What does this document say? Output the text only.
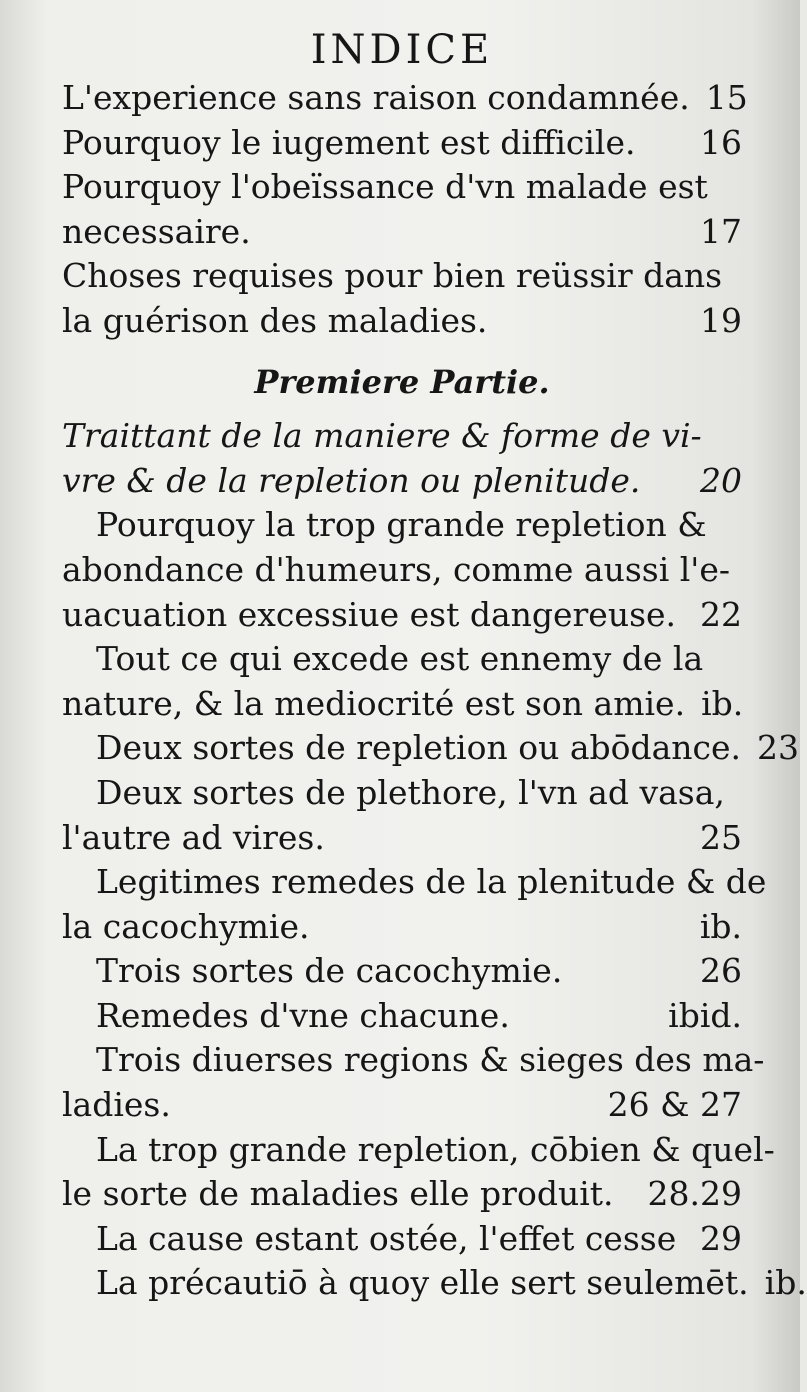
INDICE
L'experience sans raison condamnée. 15
Pourquoy le iugement est difficile. 16
Pourquoy l'obeïssance d'vn malade est
necessaire.	17
Choses requises pour bien reüssir dans
la guérison des maladies.	19
Premiere Partie.
Traittant de la maniere & forme de vi-
vre & de la repletion ou plenitude. 20
Pourquoy la trop grande repletion &
abondance d'humeurs, comme aussi l'e-
uacuation excessiue est dangereuse. 22
Tout ce qui excede est ennemy de la
nature, & la mediocrité est son amie. ib.
Deux sortes de repletion ou abōdance. 23
Deux sortes de plethore, l'vn ad vasa,
l'autre ad vires.	25
Legitimes remedes de la plenitude & de
la cacochymie.	ib.
Trois sortes de cacochymie.	26
Remedes d'vne chacune.	ibid.
Trois diuerses regions & sieges des ma-
ladies.	26 & 27
La trop grande repletion, cōbien & quel-
le sorte de maladies elle produit. 28.29
La cause estant ostée, l'effet cesse 29
La précautiō à quoy elle sert seulemēt. ib.
